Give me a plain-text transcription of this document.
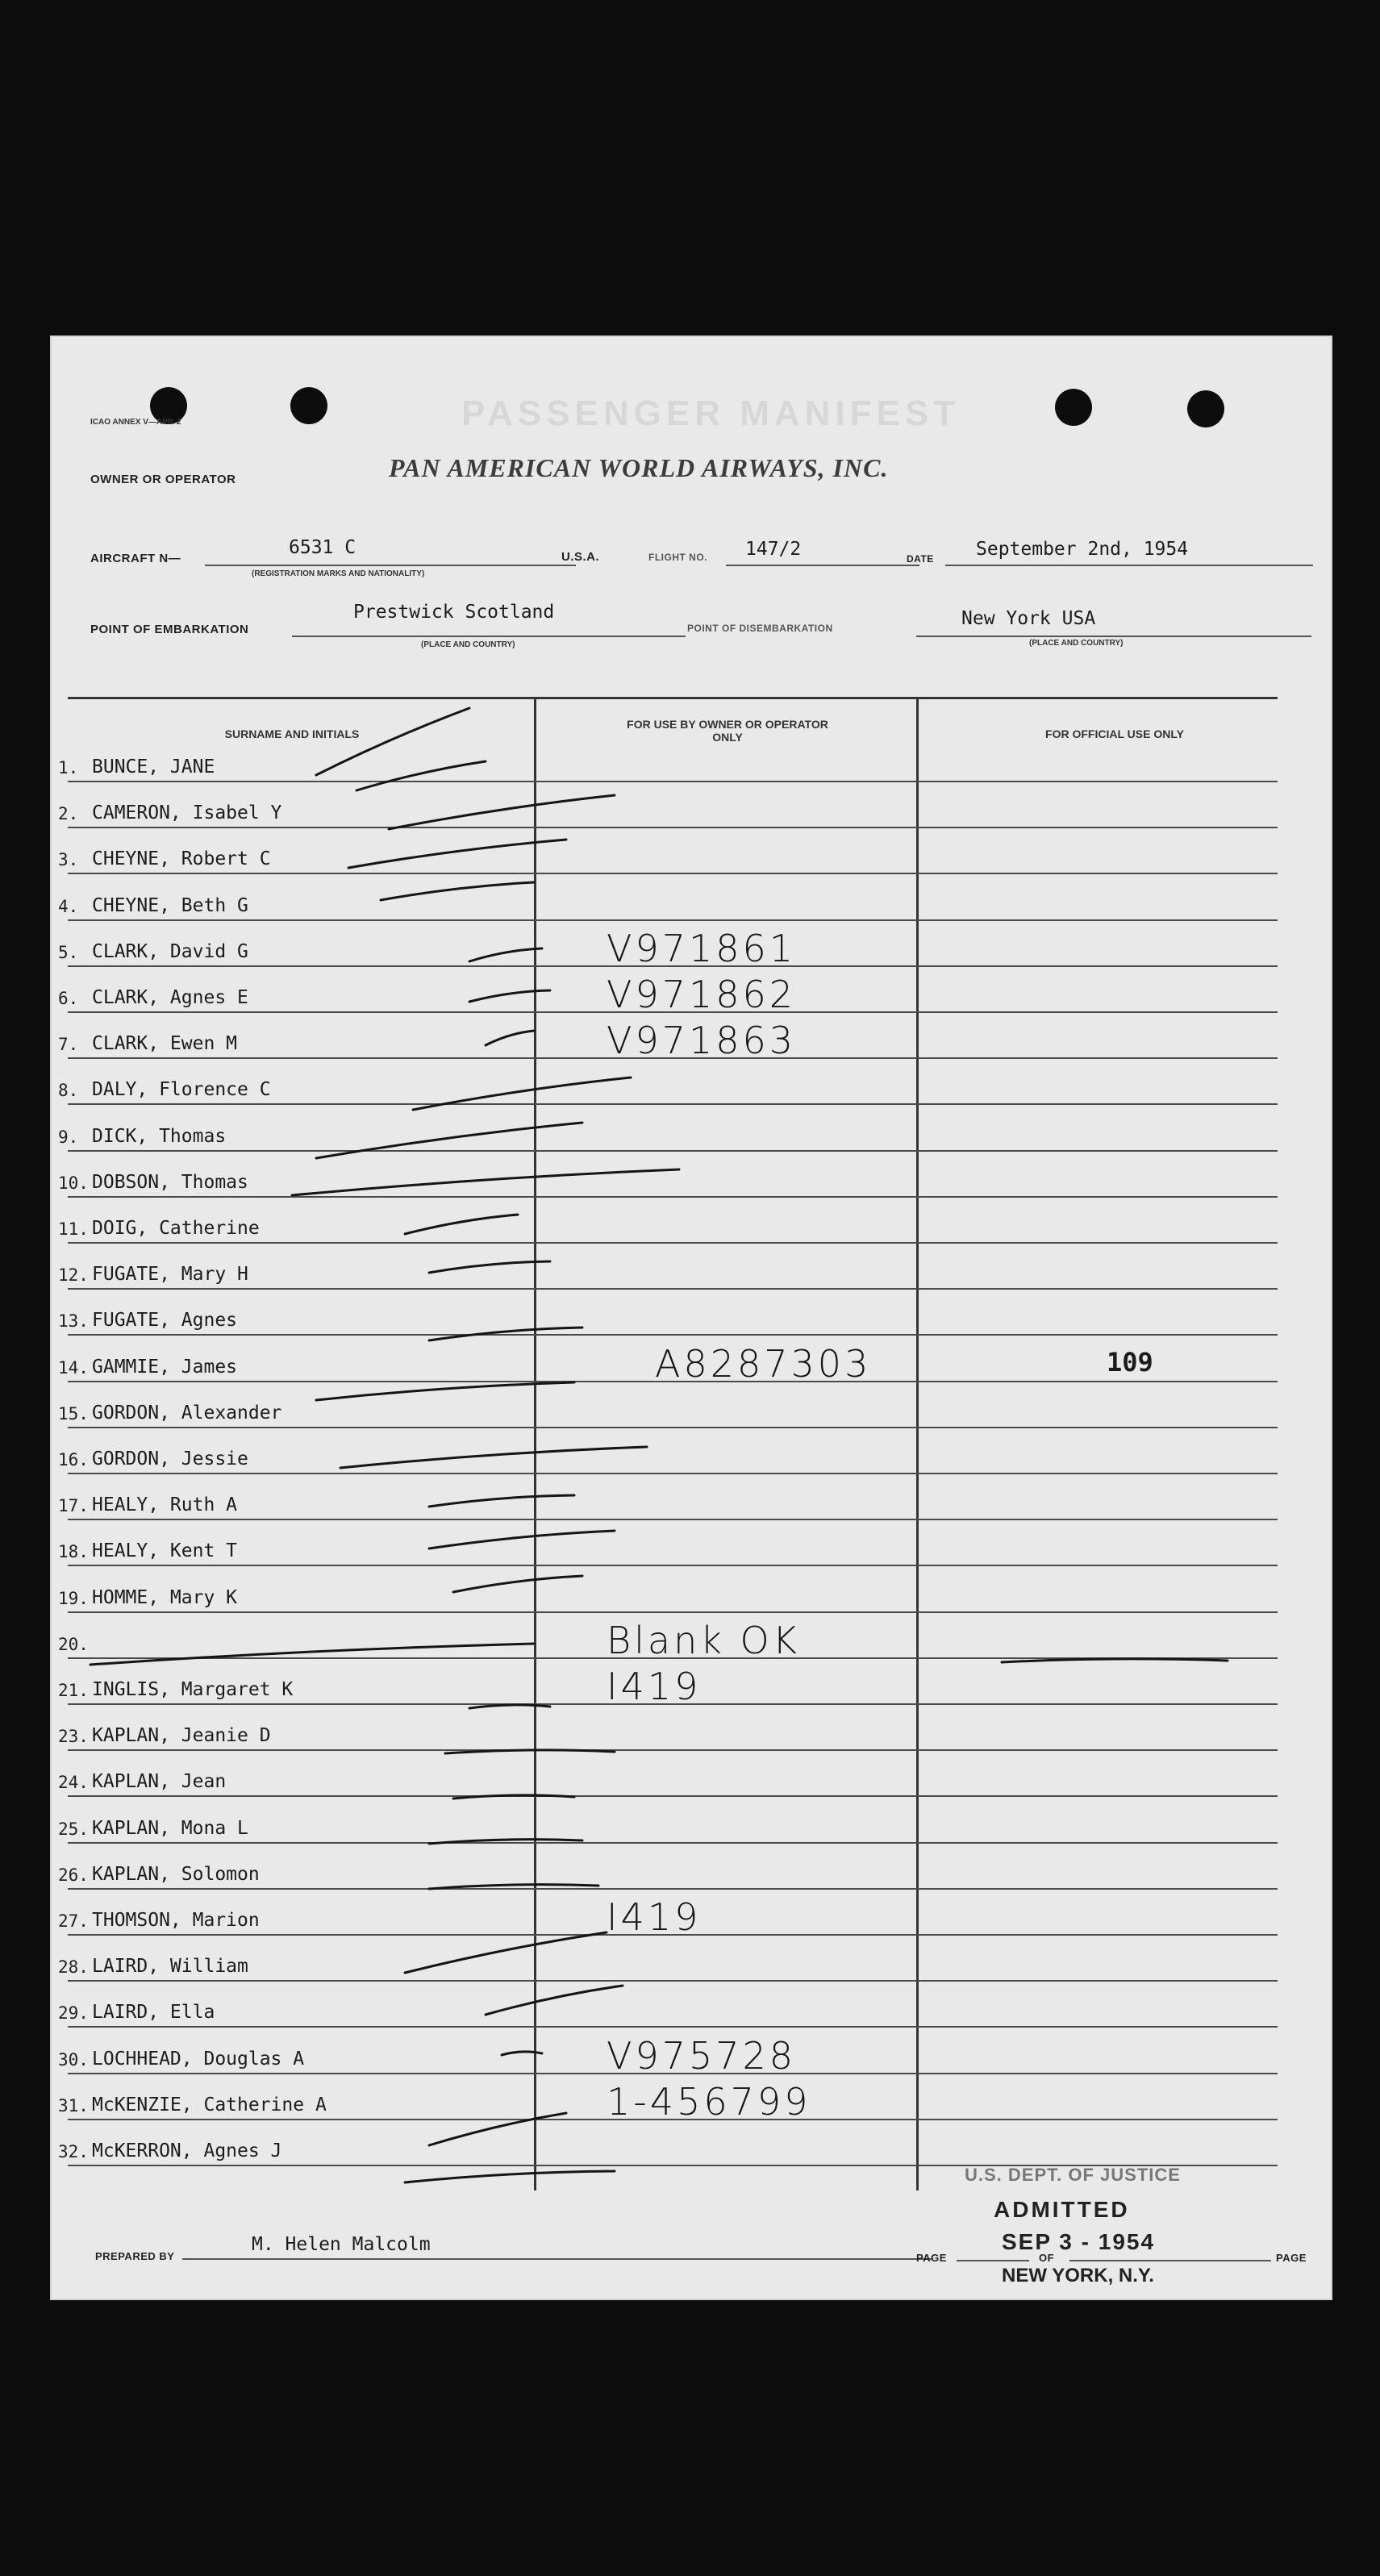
ICAO ANNEX V—APP. 2	PASSENGER MANIFEST
OWNER OR OPERATOR	PAN AMERICAN WORLD AIRWAYS, INC.
AIRCRAFT N—
6531 C
(REGISTRATION MARKS AND NATIONALITY)
U.S.A.	FLIGHT NO. 147/2	DATE September 2nd, 1954
POINT OF EMBARKATION
Prestwick Scotland
(PLACE AND COUNTRY)
POINT OF DISEMBARKATION	New York USA
(PLACE AND COUNTRY)
SURNAME AND INITIALS
FOR USE BY OWNER OR OPERATOR ONLY	FOR OFFICIAL USE ONLY
1. BUNCE, JANE
2. CAMERON, Isabel Y
3. CHEYNE, Robert C
4. CHEYNE, Beth G
5. CLARK, David G	V971861
6. CLARK, Agnes E	V971862
7. CLARK, Ewen M	V971863
8. DALY, Florence C
9. DICK, Thomas
10. DOBSON, Thomas
11. DOIG, Catherine
12. FUGATE, Mary H
13. FUGATE, Agnes
14. GAMMIE, James	A8287303	109
15. GORDON, Alexander
16. GORDON, Jessie
17. HEALY, Ruth A
18. HEALY, Kent T
19. HOMME, Mary K
20.	Blank OK
21. INGLIS, Margaret K	I419
23. KAPLAN, Jeanie D
24. KAPLAN, Jean
25. KAPLAN, Mona L
26. KAPLAN, Solomon
27. THOMSON, Marion	I419
28. LAIRD, William
29. LAIRD, Ella
30. LOCHHEAD, Douglas A	V975728
31. McKENZIE, Catherine A	1-456799
32. McKERRON, Agnes J
PREPARED BY
M. Helen Malcolm
PAGE	OF	PAGE
U.S. DEPT. OF JUSTICE
ADMITTED
SEP 3 - 1954
NEW YORK, N.Y.
